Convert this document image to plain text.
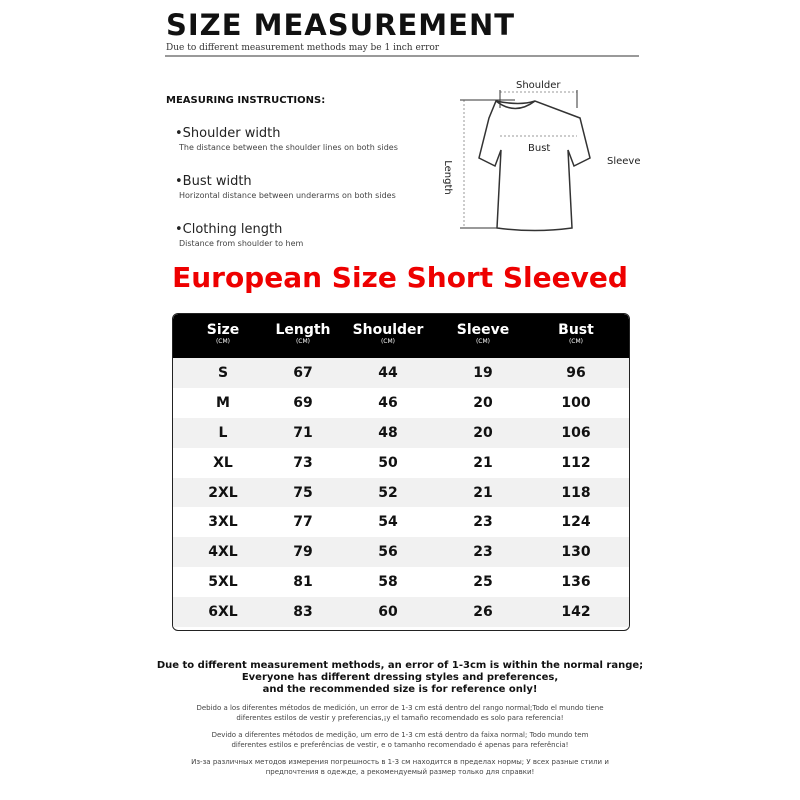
SIZE MEASUREMENT
Due to different measurement methods may be 1 inch error
MEASURING INSTRUCTIONS:
•Shoulder width
The distance between the shoulder lines on both sides
•Bust width
Horizontal distance between underarms on both sides
•Clothing length
Distance from shoulder to hem
Shoulder
Bust
Sleeve
Length
European Size Short Sleeved
Size
(CM)
Length
(CM)
Shoulder
(CM)
Sleeve
(CM)
Bust
(CM)
S	67	44	19	96
M	69	46	20	100
L	71	48	20	106
XL	73	50	21	112
2XL	75	52	21	118
3XL	77	54	23	124
4XL	79	56	23	130
5XL	81	58	25	136
6XL	83	60	26	142
Due to different measurement methods, an error of 1-3cm is within the normal range;
Everyone has different dressing styles and preferences,
and the recommended size is for reference only!
Debido a los diferentes métodos de medición, un error de 1-3 cm está dentro del rango normal;Todo el mundo tiene diferentes estilos de vestir y preferencias,¡y el tamaño recomendado es solo para referencia!
Devido a diferentes métodos de medição, um erro de 1-3 cm está dentro da faixa normal; Todo mundo tem diferentes estilos e preferências de vestir, e o tamanho recomendado é apenas para referência!
Из-за различных методов измерения погрешность в 1-3 см находится в пределах нормы; У всех разные стили и предпочтения в одежде, а рекомендуемый размер только для справки!
